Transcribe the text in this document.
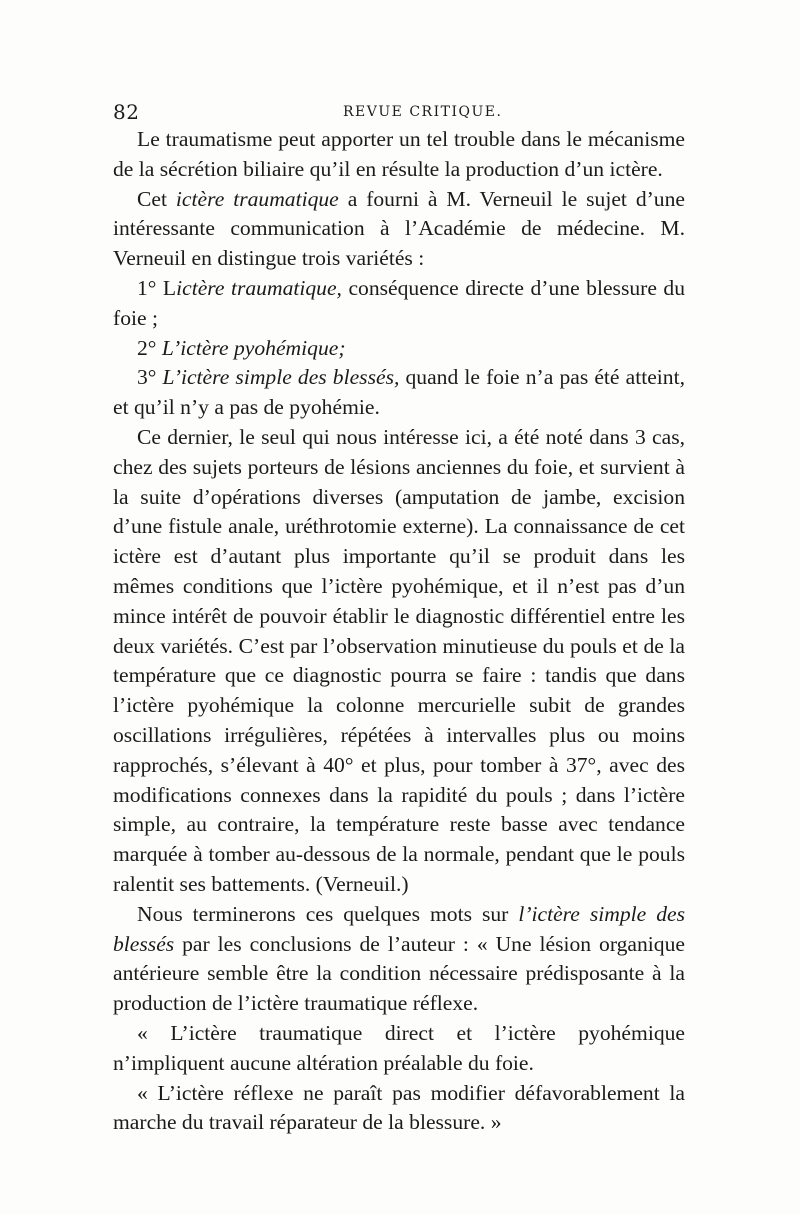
82	REVUE CRITIQUE.

Le traumatisme peut apporter un tel trouble dans le mécanisme de la sécrétion biliaire qu’il en résulte la production d’un ictère.

Cet ictère traumatique a fourni à M. Verneuil le sujet d’une intéressante communication à l’Académie de médecine. M. Verneuil en distingue trois variétés :

1° Lictère traumatique, conséquence directe d’une blessure du foie ;

2° L’ictère pyohémique;

3° L’ictère simple des blessés, quand le foie n’a pas été atteint, et qu’il n’y a pas de pyohémie.

Ce dernier, le seul qui nous intéresse ici, a été noté dans 3 cas, chez des sujets porteurs de lésions anciennes du foie, et survient à la suite d’opérations diverses (amputation de jambe, excision d’une fistule anale, uréthrotomie externe). La connaissance de cet ictère est d’autant plus importante qu’il se produit dans les mêmes conditions que l’ictère pyohémique, et il n’est pas d’un mince intérêt de pouvoir établir le diagnostic différentiel entre les deux variétés. C’est par l’observation minutieuse du pouls et de la température que ce diagnostic pourra se faire : tandis que dans l’ictère pyohémique la colonne mercurielle subit de grandes oscillations irrégulières, répétées à intervalles plus ou moins rapprochés, s’élevant à 40° et plus, pour tomber à 37°, avec des modifications connexes dans la rapidité du pouls ; dans l’ictère simple, au contraire, la température reste basse avec tendance marquée à tomber au-dessous de la normale, pendant que le pouls ralentit ses battements. (Verneuil.)

Nous terminerons ces quelques mots sur l’ictère simple des blessés par les conclusions de l’auteur : « Une lésion organique antérieure semble être la condition nécessaire prédisposante à la production de l’ictère traumatique réflexe.

« L’ictère traumatique direct et l’ictère pyohémique n’impliquent aucune altération préalable du foie.

« L’ictère réflexe ne paraît pas modifier défavorablement la marche du travail réparateur de la blessure. »
